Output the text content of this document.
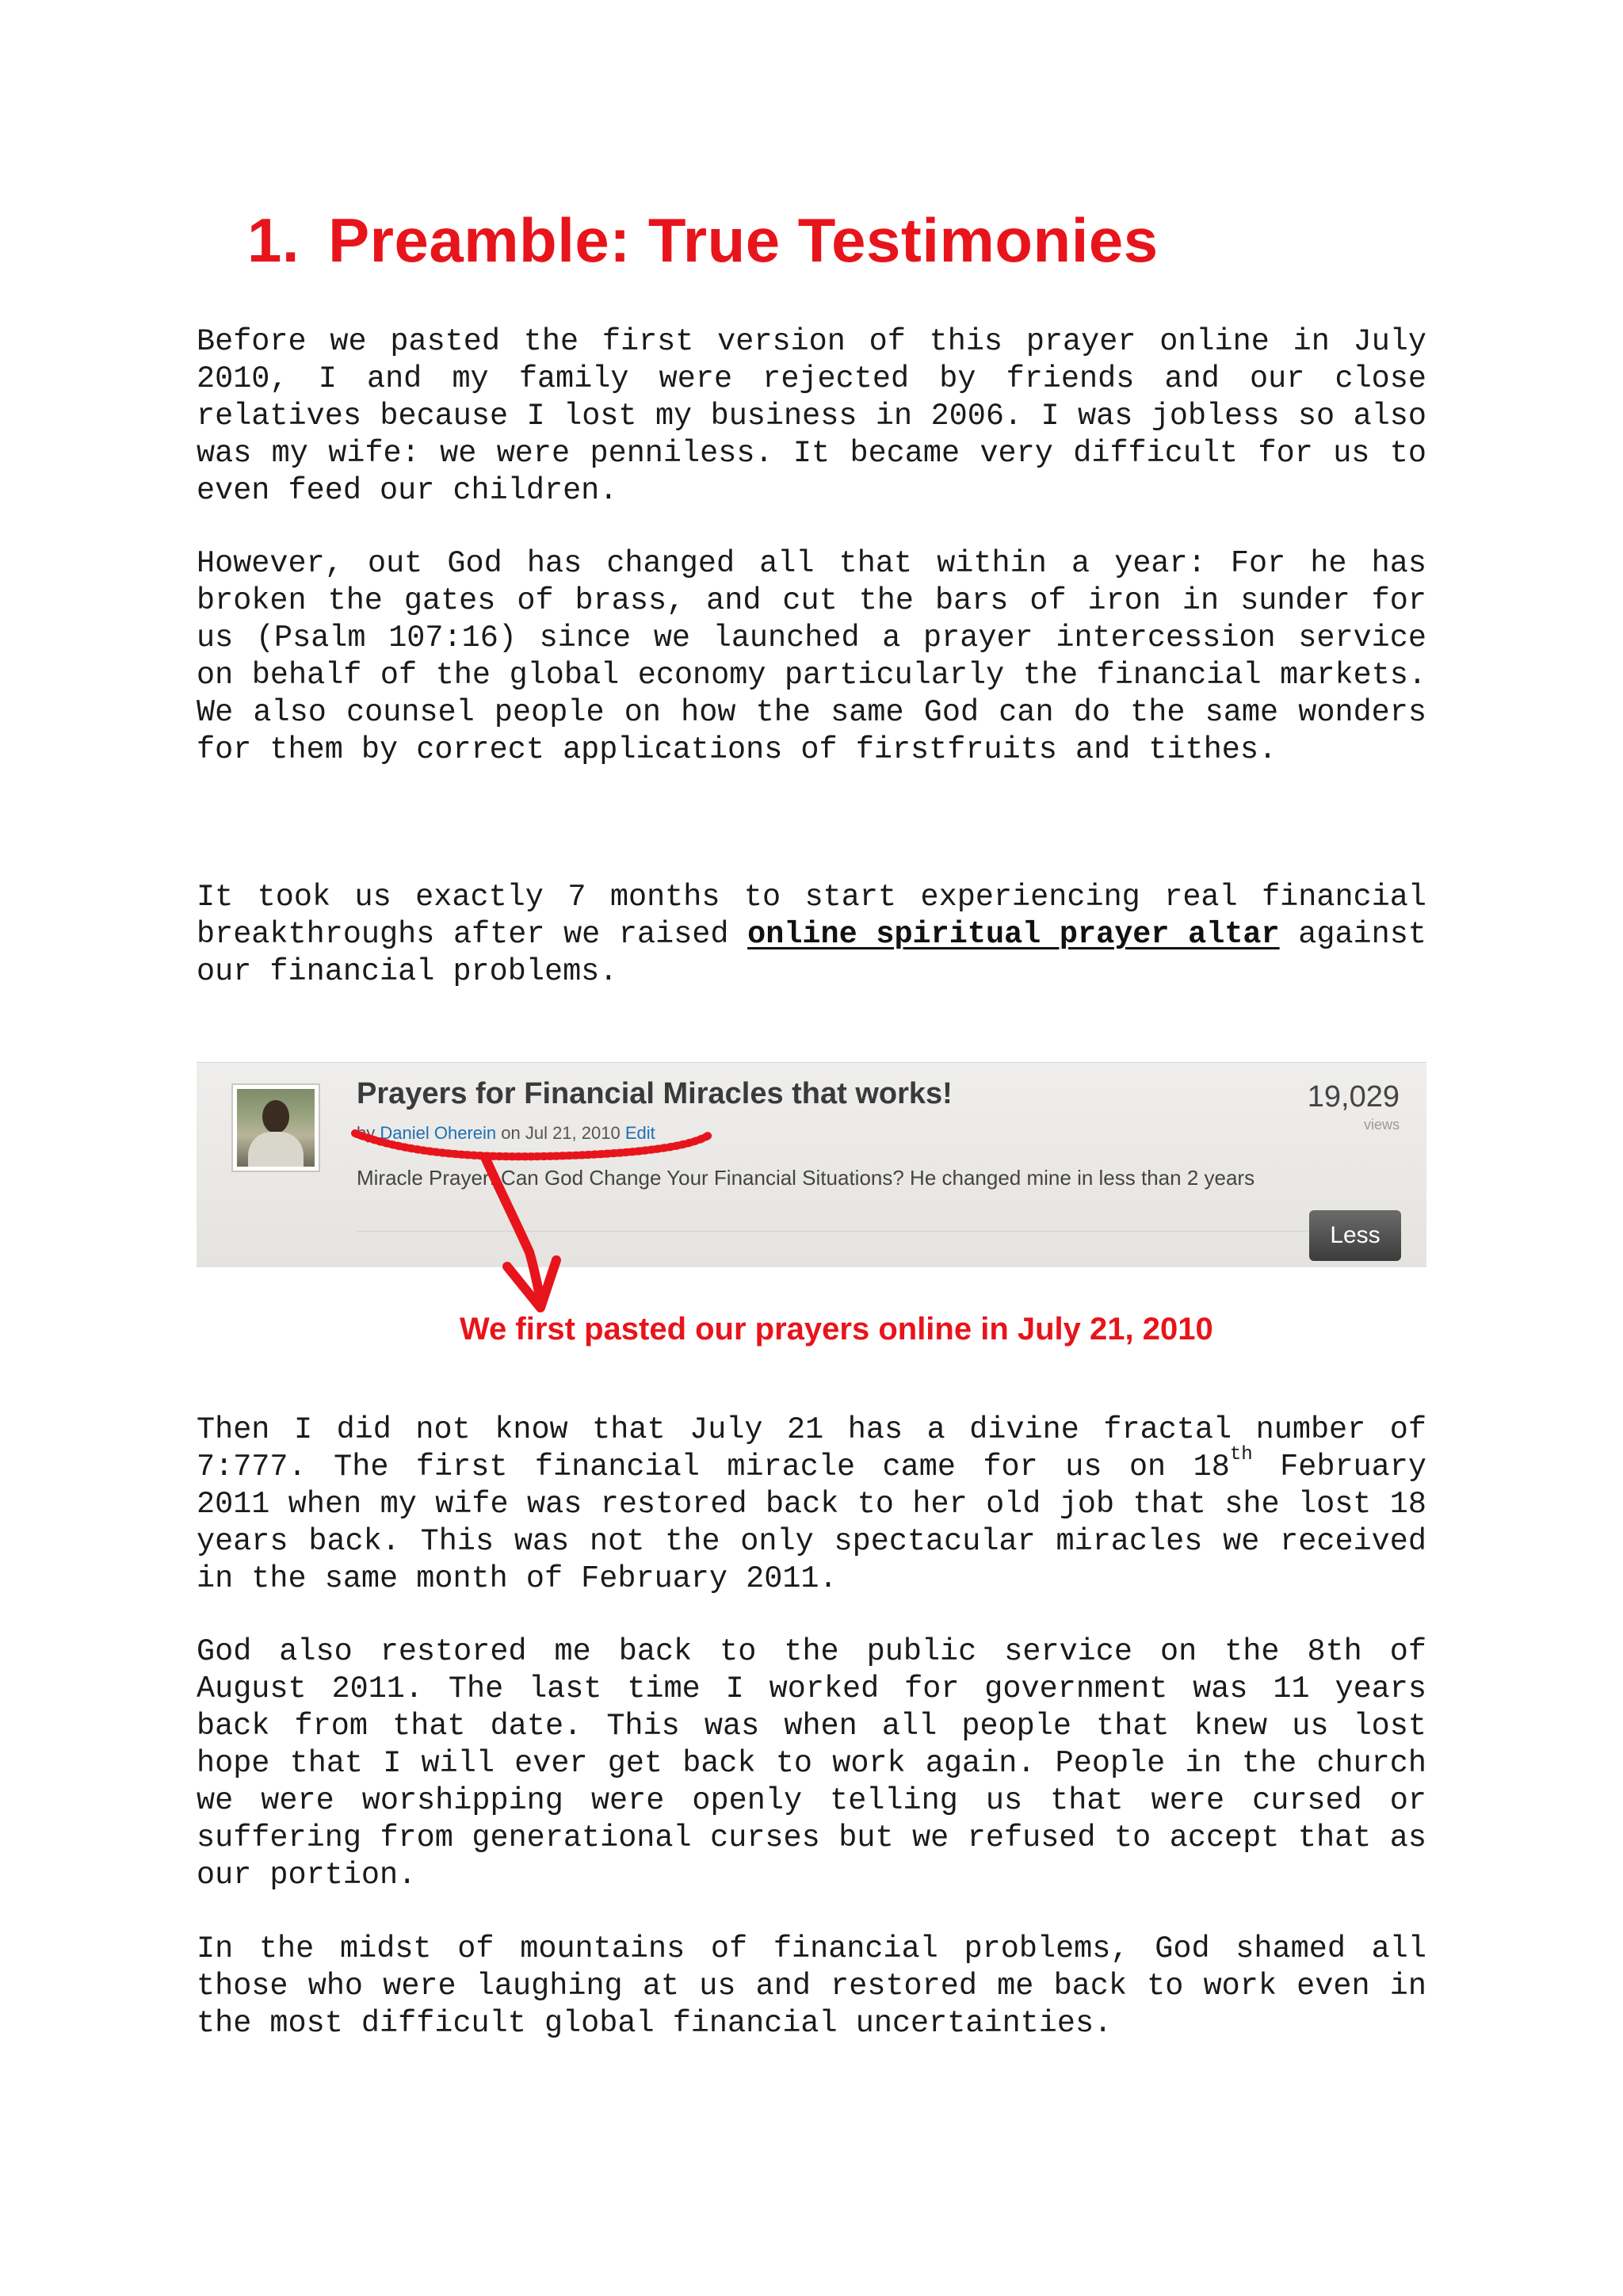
1. Preamble: True Testimonies

Before we pasted the first version of this prayer online in July 2010, I and my family were rejected by friends and our close relatives because I lost my business in 2006. I was jobless so also was my wife: we were penniless. It became very difficult for us to even feed our children.

However, out God has changed all that within a year: For he has broken the gates of brass, and cut the bars of iron in sunder for us (Psalm 107:16) since we launched a prayer intercession service on behalf of the global economy particularly the financial markets. We also counsel people on how the same God can do the same wonders for them by correct applications of firstfruits and tithes.

It took us exactly 7 months to start experiencing real financial breakthroughs after we raised online spiritual prayer altar against our financial problems.

Prayers for Financial Miracles that works!
by Daniel Oherein on Jul 21, 2010 Edit
Miracle Prayer: Can God Change Your Financial Situations? He changed mine in less than 2 years
19,029
views
Less
We first pasted our prayers online in July 21, 2010

Then I did not know that July 21 has a divine fractal number of 7:777. The first financial miracle came for us on 18th February 2011 when my wife was restored back to her old job that she lost 18 years back. This was not the only spectacular miracles we received in the same month of February 2011.

God also restored me back to the public service on the 8th of August 2011. The last time I worked for government was 11 years back from that date. This was when all people that knew us lost hope that I will ever get back to work again. People in the church we were worshipping were openly telling us that were cursed or suffering from generational curses but we refused to accept that as our portion.

In the midst of mountains of financial problems, God shamed all those who were laughing at us and restored me back to work even in the most difficult global financial uncertainties.
